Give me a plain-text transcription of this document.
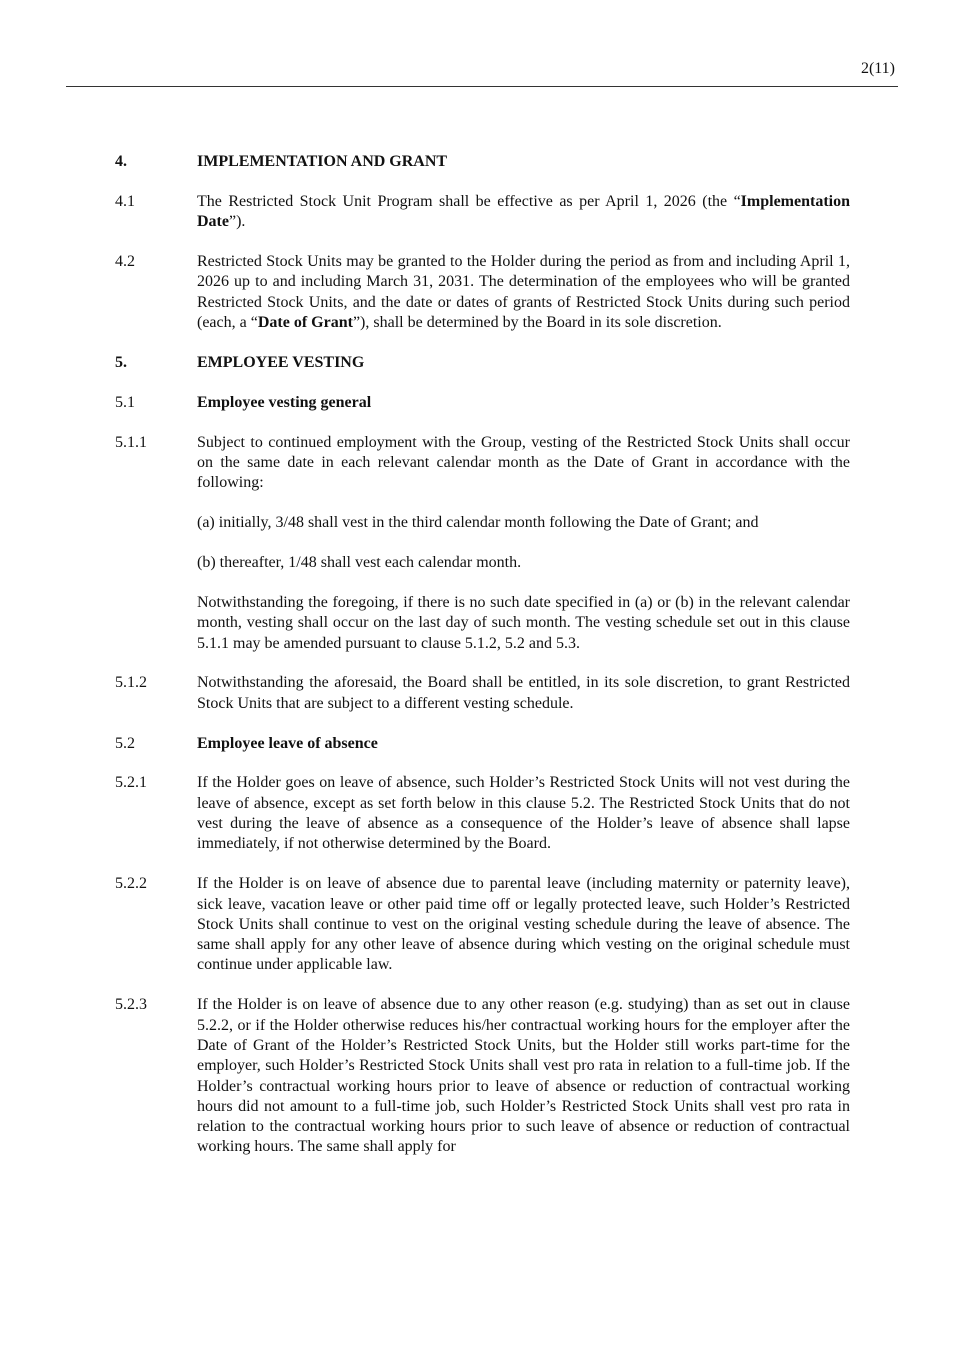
2(11)
4.	IMPLEMENTATION AND GRANT
4.1	The Restricted Stock Unit Program shall be effective as per April 1, 2026 (the “Implementation Date”).
4.2	Restricted Stock Units may be granted to the Holder during the period as from and including April 1, 2026 up to and including March 31, 2031. The determination of the employees who will be granted Restricted Stock Units, and the date or dates of grants of Restricted Stock Units during such period (each, a “Date of Grant”), shall be determined by the Board in its sole discretion.
5.	EMPLOYEE VESTING
5.1	Employee vesting general
5.1.1	Subject to continued employment with the Group, vesting of the Restricted Stock Units shall occur on the same date in each relevant calendar month as the Date of Grant in accordance with the following:
(a) initially, 3/48 shall vest in the third calendar month following the Date of Grant; and
(b) thereafter, 1/48 shall vest each calendar month.
Notwithstanding the foregoing, if there is no such date specified in (a) or (b) in the relevant calendar month, vesting shall occur on the last day of such month. The vesting schedule set out in this clause 5.1.1 may be amended pursuant to clause 5.1.2, 5.2 and 5.3.
5.1.2	Notwithstanding the aforesaid, the Board shall be entitled, in its sole discretion, to grant Restricted Stock Units that are subject to a different vesting schedule.
5.2	Employee leave of absence
5.2.1	If the Holder goes on leave of absence, such Holder’s Restricted Stock Units will not vest during the leave of absence, except as set forth below in this clause 5.2. The Restricted Stock Units that do not vest during the leave of absence as a consequence of the Holder’s leave of absence shall lapse immediately, if not otherwise determined by the Board.
5.2.2	If the Holder is on leave of absence due to parental leave (including maternity or paternity leave), sick leave, vacation leave or other paid time off or legally protected leave, such Holder’s Restricted Stock Units shall continue to vest on the original vesting schedule during the leave of absence. The same shall apply for any other leave of absence during which vesting on the original schedule must continue under applicable law.
5.2.3	If the Holder is on leave of absence due to any other reason (e.g. studying) than as set out in clause 5.2.2, or if the Holder otherwise reduces his/her contractual working hours for the employer after the Date of Grant of the Holder’s Restricted Stock Units, but the Holder still works part-time for the employer, such Holder’s Restricted Stock Units shall vest pro rata in relation to a full-time job. If the Holder’s contractual working hours prior to leave of absence or reduction of contractual working hours did not amount to a full-time job, such Holder’s Restricted Stock Units shall vest pro rata in relation to the contractual working hours prior to such leave of absence or reduction of contractual working hours. The same shall apply for
